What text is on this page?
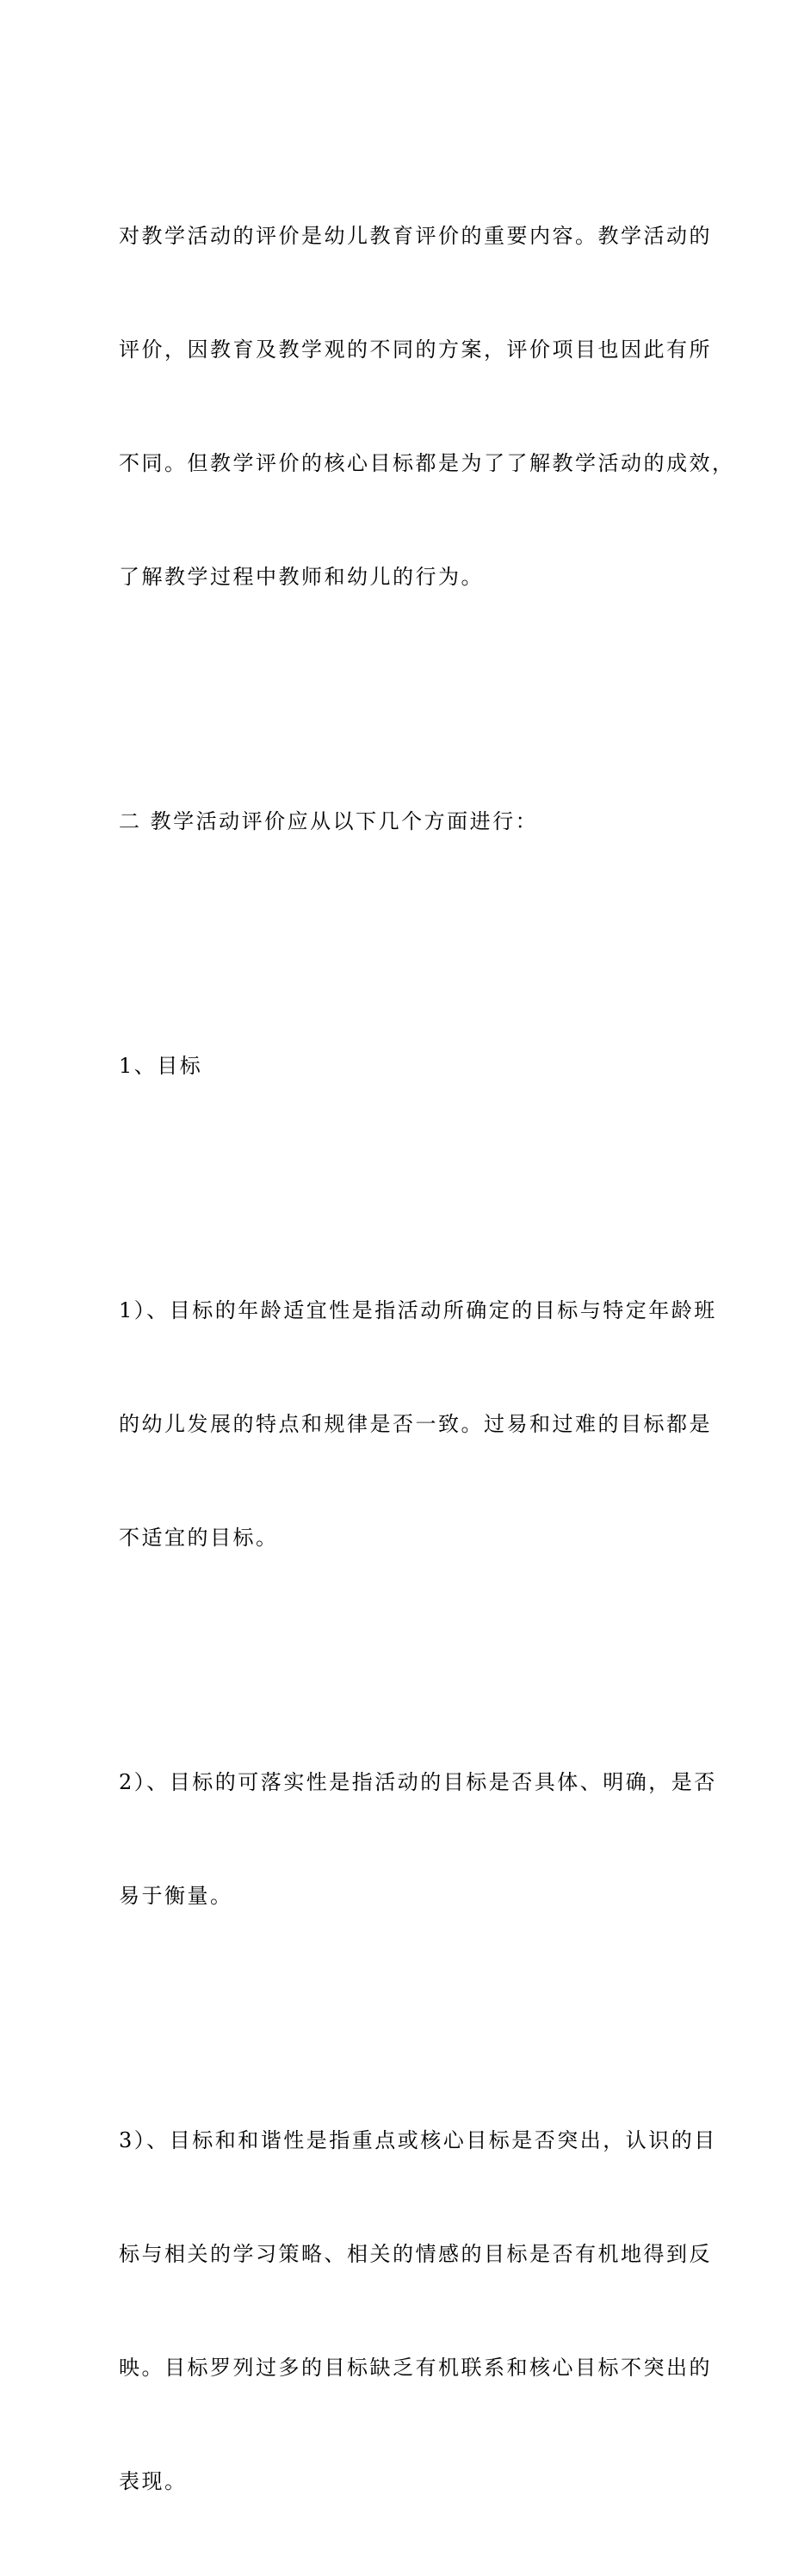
对教学活动的评价是幼儿教育评价的重要内容。教学活动的

评价，因教育及教学观的不同的方案，评价项目也因此有所

不同。但教学评价的核心目标都是为了了解教学活动的成效，

了解教学过程中教师和幼儿的行为。

二 教学活动评价应从以下几个方面进行：

1、目标

1）、目标的年龄适宜性是指活动所确定的目标与特定年龄班

的幼儿发展的特点和规律是否一致。过易和过难的目标都是

不适宜的目标。

2）、目标的可落实性是指活动的目标是否具体、明确，是否

易于衡量。

3）、目标和和谐性是指重点或核心目标是否突出，认识的目

标与相关的学习策略、相关的情感的目标是否有机地得到反

映。目标罗列过多的目标缺乏有机联系和核心目标不突出的

表现。
